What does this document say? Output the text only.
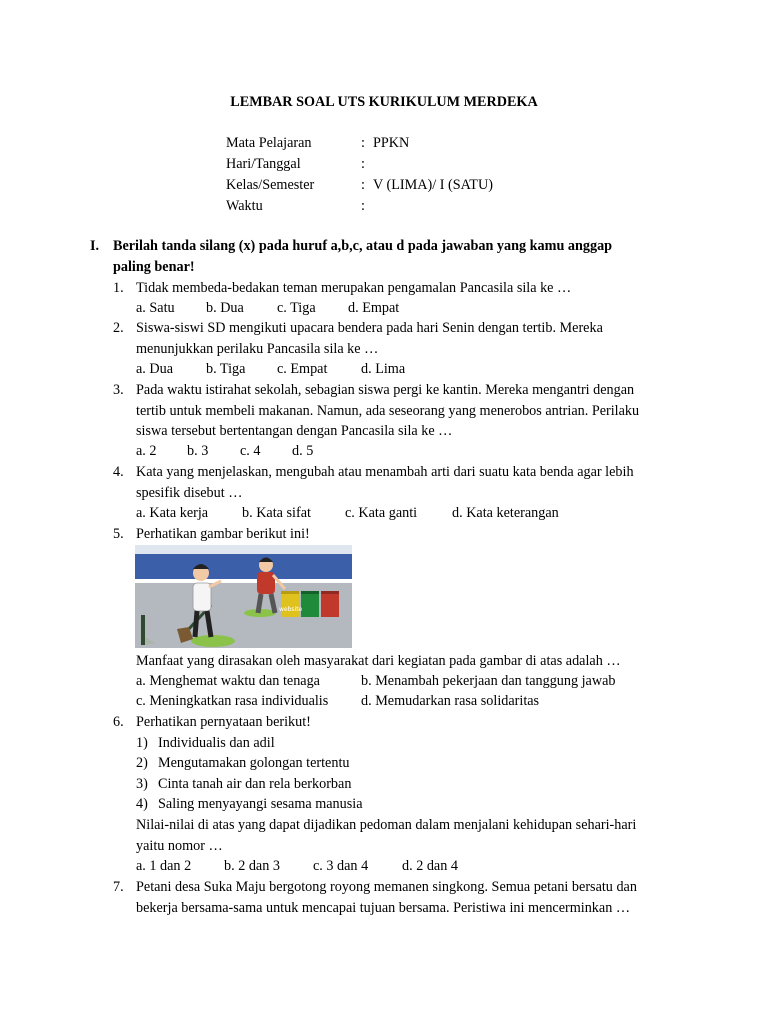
LEMBAR SOAL UTS KURIKULUM MERDEKA
Mata Pelajaran	: PPKN
Hari/Tanggal	:
Kelas/Semester	: V (LIMA)/ I (SATU)
Waktu	:
I. Berilah tanda silang (x) pada huruf a,b,c, atau d pada jawaban yang kamu anggap
paling benar!
1. Tidak membeda-bedakan teman merupakan pengamalan Pancasila sila ke …
a. Satu b. Dua c. Tiga d. Empat
2. Siswa-siswi SD mengikuti upacara bendera pada hari Senin dengan tertib. Mereka
menunjukkan perilaku Pancasila sila ke …
a. Dua b. Tiga c. Empat d. Lima
3. Pada waktu istirahat sekolah, sebagian siswa pergi ke kantin. Mereka mengantri dengan
tertib untuk membeli makanan. Namun, ada seseorang yang menerobos antrian. Perilaku
siswa tersebut bertentangan dengan Pancasila sila ke …
a. 2 b. 3 c. 4 d. 5
4. Kata yang menjelaskan, mengubah atau menambah arti dari suatu kata benda agar lebih
spesifik disebut …
a. Kata kerja b. Kata sifat c. Kata ganti d. Kata keterangan
5. Perhatikan gambar berikut ini!
website
Manfaat yang dirasakan oleh masyarakat dari kegiatan pada gambar di atas adalah …
a. Menghemat waktu dan tenaga	b. Menambah pekerjaan dan tanggung jawab
c. Meningkatkan rasa individualis d. Memudarkan rasa solidaritas
6. Perhatikan pernyataan berikut!
1) Individualis dan adil
2) Mengutamakan golongan tertentu
3) Cinta tanah air dan rela berkorban
4) Saling menyayangi sesama manusia
Nilai-nilai di atas yang dapat dijadikan pedoman dalam menjalani kehidupan sehari-hari
yaitu nomor …
a. 1 dan 2 b. 2 dan 3 c. 3 dan 4 d. 2 dan 4
7. Petani desa Suka Maju bergotong royong memanen singkong. Semua petani bersatu dan
bekerja bersama-sama untuk mencapai tujuan bersama. Peristiwa ini mencerminkan …
